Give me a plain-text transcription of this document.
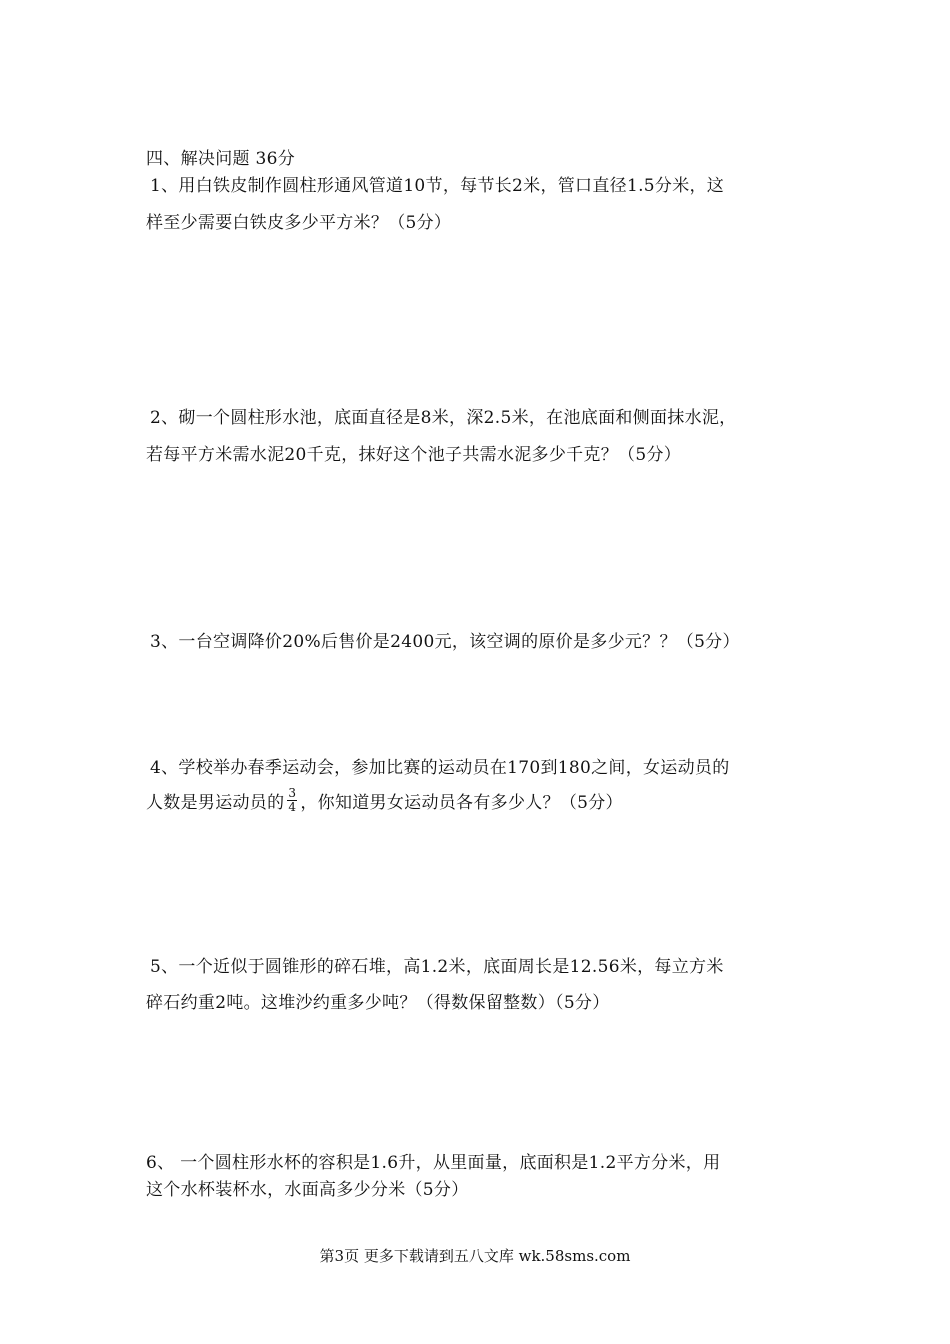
四、解决问题 36分
1、用白铁皮制作圆柱形通风管道10节，每节长2米，管口直径1.5分米，这
样至少需要白铁皮多少平方米？（5分）
2、砌一个圆柱形水池，底面直径是8米，深2.5米，在池底面和侧面抹水泥，
若每平方米需水泥20千克，抹好这个池子共需水泥多少千克？（5分）
3、一台空调降价20%后售价是2400元，该空调的原价是多少元？？（5分）
4、学校举办春季运动会，参加比赛的运动员在170到180之间，女运动员的
人数是男运动员的 $\frac{3}{4}$ ，你知道男女运动员各有多少人？（5分）
5、一个近似于圆锥形的碎石堆，高1.2米，底面周长是12.56米，每立方米
碎石约重2吨。这堆沙约重多少吨？（得数保留整数）（5分）
6、 一个圆柱形水杯的容积是1.6升，从里面量，底面积是1.2平方分米，用
这个水杯装杯水，水面高多少分米（5分）
第3页 更多下载请到五八文库 wk.58sms.com
